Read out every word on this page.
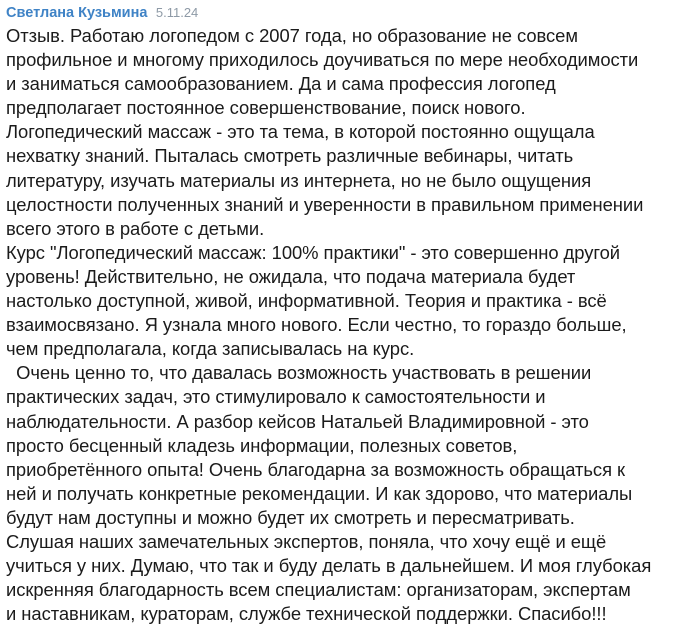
Светлана Кузьмина 5.11.24
Отзыв. Работаю логопедом с 2007 года, но образование не совсем
профильное и многому приходилось доучиваться по мере необходимости
и заниматься самообразованием. Да и сама профессия логопед
предполагает постоянное совершенствование, поиск нового.
Логопедический массаж - это та тема, в которой постоянно ощущала
нехватку знаний. Пыталась смотреть различные вебинары, читать
литературу, изучать материалы из интернета, но не было ощущения
целостности полученных знаний и уверенности в правильном применении
всего этого в работе с детьми.
Курс "Логопедический массаж: 100% практики" - это совершенно другой
уровень! Действительно, не ожидала, что подача материала будет
настолько доступной, живой, информативной. Теория и практика - всё
взаимосвязано. Я узнала много нового. Если честно, то гораздо больше,
чем предполагала, когда записывалась на курс.
Очень ценно то, что давалась возможность участвовать в решении
практических задач, это стимулировало к самостоятельности и
наблюдательности. А разбор кейсов Натальей Владимировной - это
просто бесценный кладезь информации, полезных советов,
приобретённого опыта! Очень благодарна за возможность обращаться к
ней и получать конкретные рекомендации. И как здорово, что материалы
будут нам доступны и можно будет их смотреть и пересматривать.
Слушая наших замечательных экспертов, поняла, что хочу ещё и ещё
учиться у них. Думаю, что так и буду делать в дальнейшем. И моя глубокая
искренняя благодарность всем специалистам: организаторам, экспертам
и наставникам, кураторам, службе технической поддержки. Спасибо!!!
